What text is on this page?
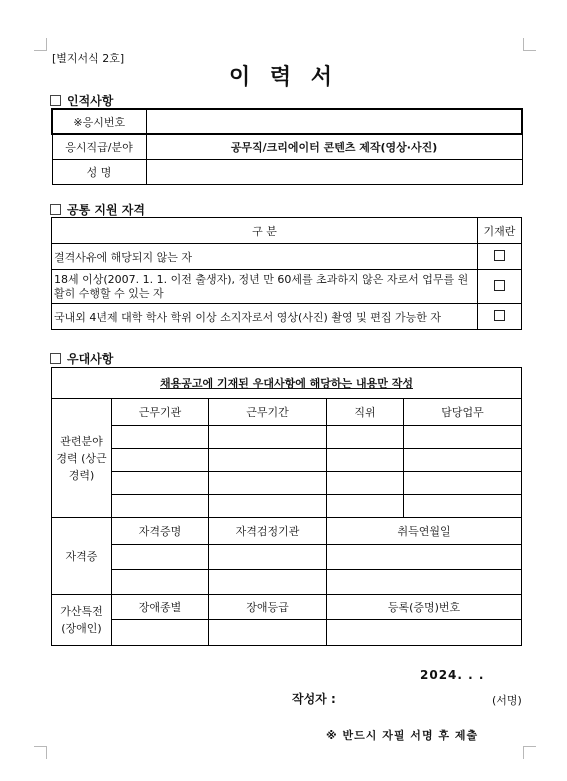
[별지서식 2호]
이 력 서
인적사항
※응시번호	
응시직급/분야	공무직/크리에이터 콘텐츠 제작(영상·사진)
성 명	
공통 지원 자격
구 분	기재란
결격사유에 해당되지 않는 자	
18세 이상(2007. 1. 1. 이전 출생자), 정년 만 60세를 초과하지 않은 자로서 업무를 원활히 수행할 수 있는 자	
국내외 4년제 대학 학사 학위 이상 소지자로서 영상(사진) 촬영 및 편집 가능한 자	
우대사항
채용공고에 기재된 우대사항에 해당하는 내용만 작성				
관련분야 경력 (상근경력)	근무기관	근무기간	직위	담당업무

자격증	자격증명	자격검정기관	취득연월일	

가산특전 (장애인)	장애종별	장애등급	등록(증명)번호	

2024. . .
작성자 :	(서명)
※ 반드시 자필 서명 후 제출
